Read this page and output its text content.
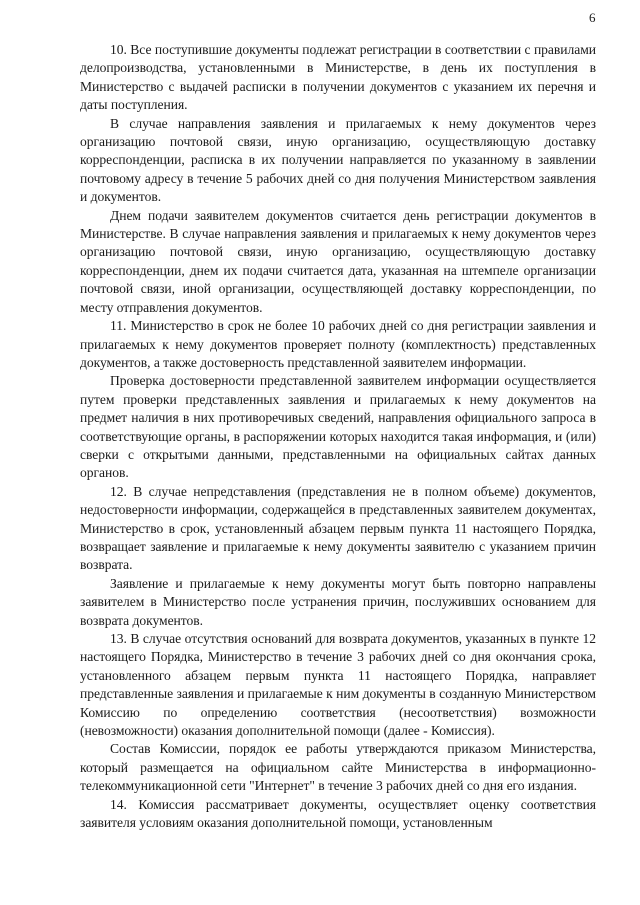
6

10. Все поступившие документы подлежат регистрации в соответствии с правилами делопроизводства, установленными в Министерстве, в день их поступления в Министерство с выдачей расписки в получении документов с указанием их перечня и даты поступления.

В случае направления заявления и прилагаемых к нему документов через организацию почтовой связи, иную организацию, осуществляющую доставку корреспонденции, расписка в их получении направляется по указанному в заявлении почтовому адресу в течение 5 рабочих дней со дня получения Министерством заявления и документов.

Днем подачи заявителем документов считается день регистрации документов в Министерстве. В случае направления заявления и прилагаемых к нему документов через организацию почтовой связи, иную организацию, осуществляющую доставку корреспонденции, днем их подачи считается дата, указанная на штемпеле организации почтовой связи, иной организации, осуществляющей доставку корреспонденции, по месту отправления документов.

11. Министерство в срок не более 10 рабочих дней со дня регистрации заявления и прилагаемых к нему документов проверяет полноту (комплектность) представленных документов, а также достоверность представленной заявителем информации.

Проверка достоверности представленной заявителем информации осуществляется путем проверки представленных заявления и прилагаемых к нему документов на предмет наличия в них противоречивых сведений, направления официального запроса в соответствующие органы, в распоряжении которых находится такая информация, и (или) сверки с открытыми данными, представленными на официальных сайтах данных органов.

12. В случае непредставления (представления не в полном объеме) документов, недостоверности информации, содержащейся в представленных заявителем документах, Министерство в срок, установленный абзацем первым пункта 11 настоящего Порядка, возвращает заявление и прилагаемые к нему документы заявителю с указанием причин возврата.

Заявление и прилагаемые к нему документы могут быть повторно направлены заявителем в Министерство после устранения причин, послуживших основанием для возврата документов.

13. В случае отсутствия оснований для возврата документов, указанных в пункте 12 настоящего Порядка, Министерство в течение 3 рабочих дней со дня окончания срока, установленного абзацем первым пункта 11 настоящего Порядка, направляет представленные заявления и прилагаемые к ним документы в созданную Министерством Комиссию по определению соответствия (несоответствия) возможности (невозможности) оказания дополнительной помощи (далее - Комиссия).

Состав Комиссии, порядок ее работы утверждаются приказом Министерства, который размещается на официальном сайте Министерства в информационно-телекоммуникационной сети "Интернет" в течение 3 рабочих дней со дня его издания.

14. Комиссия рассматривает документы, осуществляет оценку соответствия заявителя условиям оказания дополнительной помощи, установленным
